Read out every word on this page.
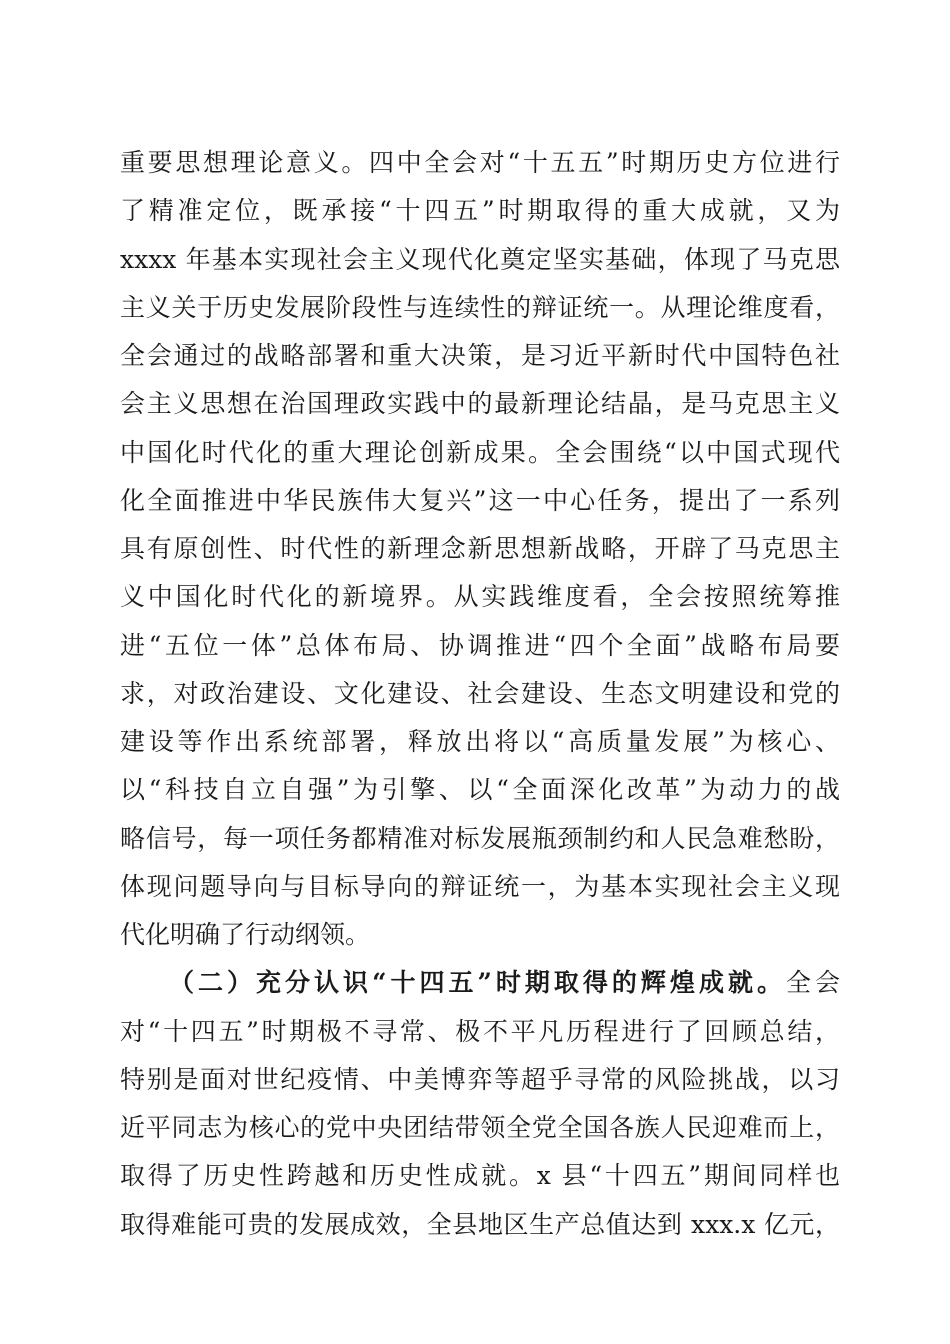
重要思想理论意义。四中全会对“十五五”时期历史方位进行
了精准定位，既承接“十四五”时期取得的重大成就，又为
xxxx 年基本实现社会主义现代化奠定坚实基础，体现了马克思
主义关于历史发展阶段性与连续性的辩证统一。从理论维度看，
全会通过的战略部署和重大决策，是习近平新时代中国特色社
会主义思想在治国理政实践中的最新理论结晶，是马克思主义
中国化时代化的重大理论创新成果。全会围绕“以中国式现代
化全面推进中华民族伟大复兴”这一中心任务，提出了一系列
具有原创性、时代性的新理念新思想新战略，开辟了马克思主
义中国化时代化的新境界。从实践维度看，全会按照统筹推
进“五位一体”总体布局、协调推进“四个全面”战略布局要
求，对政治建设、文化建设、社会建设、生态文明建设和党的
建设等作出系统部署，释放出将以“高质量发展”为核心、
以“科技自立自强”为引擎、以“全面深化改革”为动力的战
略信号，每一项任务都精准对标发展瓶颈制约和人民急难愁盼，
体现问题导向与目标导向的辩证统一，为基本实现社会主义现
代化明确了行动纲领。
（二）充分认识“十四五”时期取得的辉煌成就。全会
对“十四五”时期极不寻常、极不平凡历程进行了回顾总结，
特别是面对世纪疫情、中美博弈等超乎寻常的风险挑战，以习
近平同志为核心的党中央团结带领全党全国各族人民迎难而上，
取得了历史性跨越和历史性成就。x 县“十四五”期间同样也
取得难能可贵的发展成效，全县地区生产总值达到 xxx.x 亿元，
